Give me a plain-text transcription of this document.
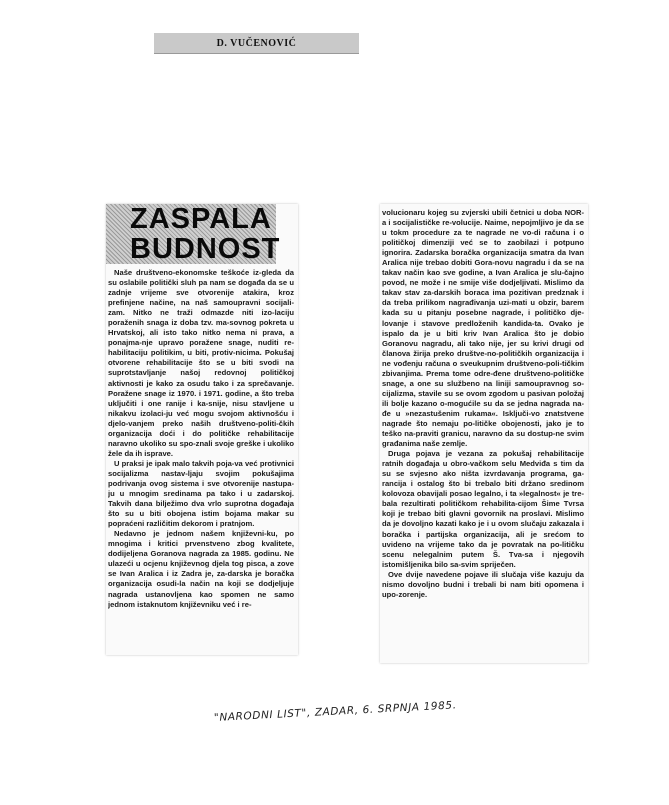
D. VUČENOVIĆ
ZASPALA
BUDNOST

Naše društveno-ekonomske teškoće iz-gleda da su oslabile politički sluh pa nam se događa da se u zadnje vrijeme sve otvorenije atakira, kroz prefinjene načine, na naš samoupravni socijali-zam. Nitko ne traži odmazde niti izo-laciju poraženih snaga iz doba tzv. ma-sovnog pokreta u Hrvatskoj, ali isto tako nitko nema ni prava, a ponajma-nje upravo poražene snage, nuditi re-habilitaciju politikim, u biti, protiv-nicima. Pokušaj otvorene rehabilitacije što se u biti svodi na suprotstavljanje našoj redovnoj političkoj aktivnosti je kako za osudu tako i za sprečavanje. Poražene snage iz 1970. i 1971. godine, a što treba uključiti i one ranije i ka-snije, nisu stavljene u nikakvu izolaci-ju već mogu svojom aktivnošću i djelo-vanjem preko naših društveno-politi-čkih organizacija doći i do političke rehabilitacije naravno ukoliko su spo-znali svoje greške i ukoliko žele da ih isprave.

U praksi je ipak malo takvih poja-va već protivnici socijalizma nastav-ljaju svojim pokušajima podrivanja ovog sistema i sve otvorenije nastupa-ju u mnogim sredinama pa tako i u zadarskoj. Takvih dana bilježimo dva vrlo suprotna događaja što su u biti obojena istim bojama makar su popraćeni različitim dekorom i pratnjom.

Nedavno je jednom našem književni-ku, po mnogima i kritici prvenstveno zbog kvalitete, dodijeljena Goranova nagrada za 1985. godinu. Ne ulazeći u ocjenu književnog djela tog pisca, a zove se Ivan Aralica i iz Zadra je, za-darska je boračka organizacija osudi-la način na koji se dodjeljuje nagrada ustanovljena kao spomen ne samo jednom istaknutom književniku već i re-

volucionaru kojeg su zvjerski ubili četnici u doba NOR-a i socijalističke re-volucije. Naime, nepojmljivo je da se u tokm procedure za te nagrade ne vo-di računa i o političkoj dimenziji već se to zaobilazi i potpuno ignorira. Zadarska boračka organizacija smatra da Ivan Aralica nije trebao dobiti Gora-novu nagradu i da se na takav način kao sve godine, a Ivan Aralica je slu-čajno povod, ne može i ne smije više dodjeljivati. Mislimo da takav stav za-darskih boraca ima pozitivan predznak i da treba prilikom nagrađivanja uzi-mati u obzir, barem kada su u pitanju posebne nagrade, i političko dje-lovanje i stavove predloženih kandida-ta. Ovako je ispalo da je u biti kriv Ivan Aralica što je dobio Goranovu nagradu, ali tako nije, jer su krivi drugi od članova žirija preko društve-no-političkih organizacija i ne vođenju računa o sveukupnim društveno-poli-tičkim zbivanjima. Prema tome odre-đene društveno-političke snage, a one su službeno na liniji samoupravnog so-cijalizma, stavile su se ovom zgodom u pasivan položaj ili bolje kazano o-mogućile su da se jedna nagrada na-đe u »nezastušenim rukama«. Isključi-vo znatstvene nagrade što nemaju po-litičke obojenosti, jako je to teško na-praviti granicu, naravno da su dostup-ne svim građanima naše zemlje.

Druga pojava je vezana za pokušaj rehabilitacije ratnih događaja u obro-vačkom selu Medviđa s tim da su se svjesno ako ništa izvrdavanja programa, ga-rancija i ostalog što bi trebalo biti držano sredinom kolovoza obavijali posao legalno, i ta »legalnost« je tre-bala rezultirati političkom rehabilita-cijom Šime Tvrsa koji je trebao biti glavni govornik na proslavi. Mislimo da je dovoljno kazati kako je i u ovom slučaju zakazala i boračka i partijska organizacija, ali je srećom to uvideno na vrijeme tako da je povratak na po-litičku scenu nelegalnim putem Š. Tva-sa i njegovih istomišljenika bilo sa-svim spriječen.

Ove dvije navedene pojave ili slučaja više kazuju da nismo dovoljno budni i trebali bi nam biti opomena i upo-zorenje.

"NARODNI LIST", ZADAR, 6. SRPNJA 1985.
